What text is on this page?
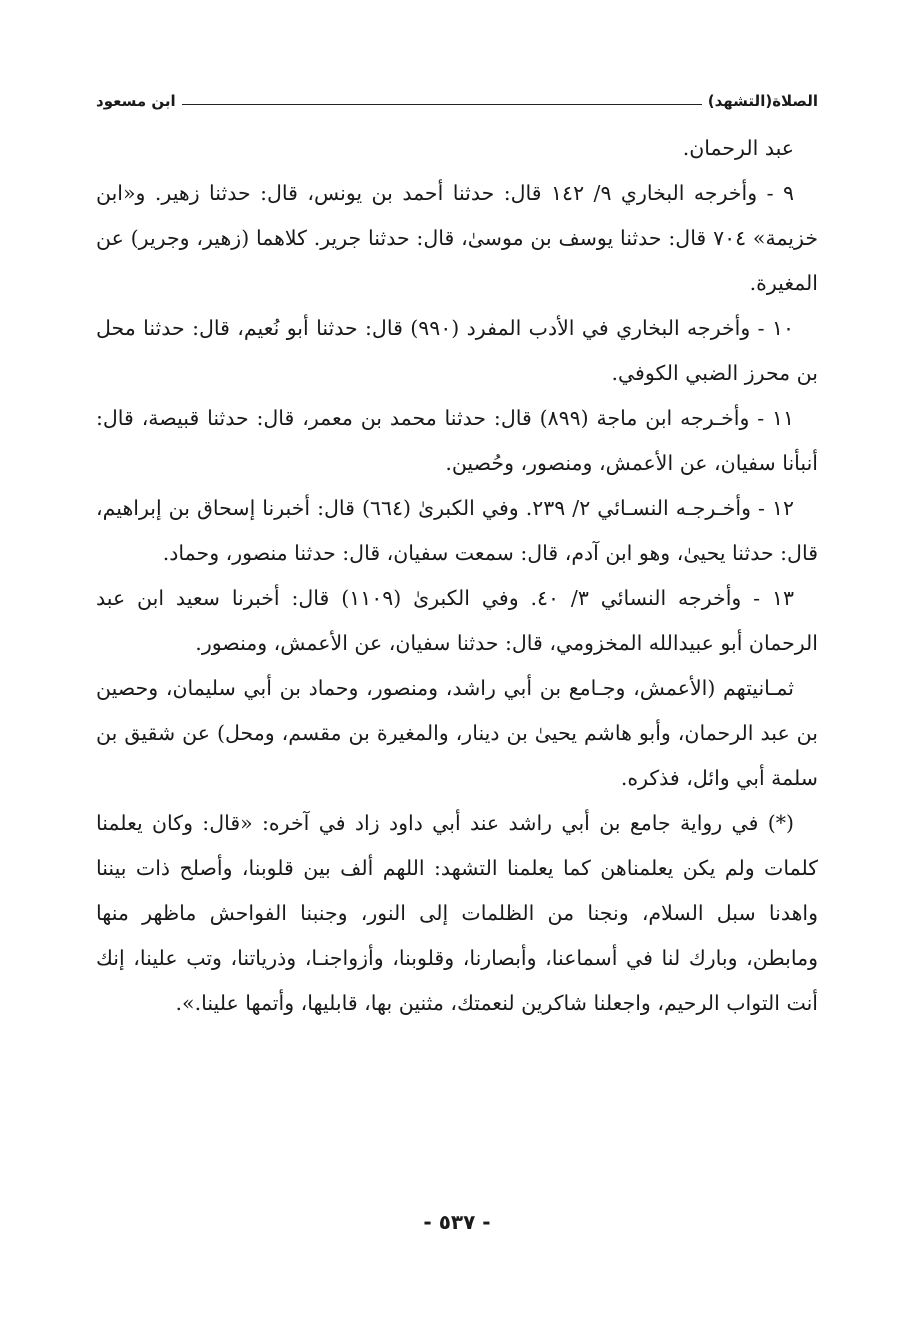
الصلاة(التشهد)
ابن مسعود

عبد الرحمان.

٩ - وأخرجه البخاري ٩/ ١٤٢ قال: حدثنا أحمد بن يونس، قال: حدثنا زهير. و«ابن خزيمة» ٧٠٤ قال: حدثنا يوسف بن موسىٰ، قال: حدثنا جرير. كلاهما (زهير، وجرير) عن المغيرة.

١٠ - وأخرجه البخاري في الأدب المفرد (٩٩٠) قال: حدثنا أبو نُعيم، قال: حدثنا محل بن محرز الضبي الكوفي.

١١ - وأخـرجه ابن ماجة (٨٩٩) قال: حدثنا محمد بن معمر، قال: حدثنا قبيصة، قال: أنبأنا سفيان، عن الأعمش، ومنصور، وحُصين.

١٢ - وأخـرجـه النسـائي ٢/ ٢٣٩. وفي الكبرىٰ (٦٦٤) قال: أخبرنا إسحاق بن إبراهيم، قال: حدثنا يحيىٰ، وهو ابن آدم، قال: سمعت سفيان، قال: حدثنا منصور، وحماد.

١٣ - وأخرجه النسائي ٣/ ٤٠. وفي الكبرىٰ (١١٠٩) قال: أخبرنا سعيد ابن عبد الرحمان أبو عبيدالله المخزومي، قال: حدثنا سفيان، عن الأعمش، ومنصور.

ثمـانيتهم (الأعمش، وجـامع بن أبي راشد، ومنصور، وحماد بن أبي سليمان، وحصين بن عبد الرحمان، وأبو هاشم يحيىٰ بن دينار، والمغيرة بن مقسم، ومحل) عن شقيق بن سلمة أبي وائل، فذكره.

(*) في رواية جامع بن أبي راشد عند أبي داود زاد في آخره: «قال: وكان يعلمنا كلمات ولم يكن يعلمناهن كما يعلمنا التشهد: اللهم ألف بين قلوبنا، وأصلح ذات بيننا واهدنا سبل السلام، ونجنا من الظلمات إلى النور، وجنبنا الفواحش ماظهر منها ومابطن، وبارك لنا في أسماعنا، وأبصارنا، وقلوبنا، وأزواجنـا، وذرياتنا، وتب علينا، إنك أنت التواب الرحيم، واجعلنا شاكرين لنعمتك، مثنين بها، قابليها، وأتمها علينا.».

- ٥٣٧ -
